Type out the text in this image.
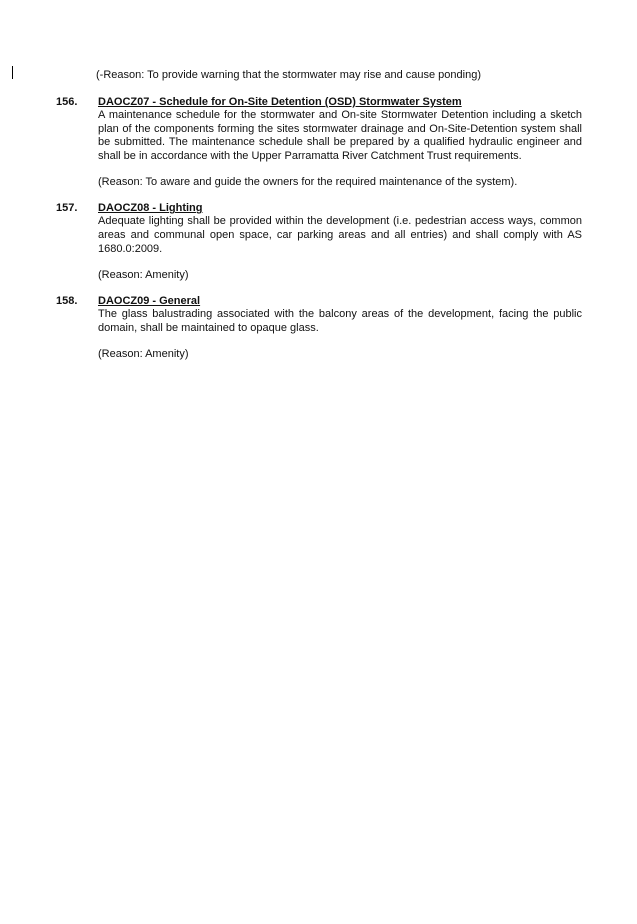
(-Reason: To provide warning that the stormwater may rise and cause ponding)
156.	DAOCZ07 - Schedule for On-Site Detention (OSD) Stormwater System

A maintenance schedule for the stormwater and On-site Stormwater Detention including a sketch plan of the components forming the sites stormwater drainage and On-Site-Detention system shall be submitted. The maintenance schedule shall be prepared by a qualified hydraulic engineer and shall be in accordance with the Upper Parramatta River Catchment Trust requirements.

(Reason: To aware and guide the owners for the required maintenance of the system).
157.	DAOCZ08 - Lighting

Adequate lighting shall be provided within the development (i.e. pedestrian access ways, common areas and communal open space, car parking areas and all entries) and shall comply with AS 1680.0:2009.

(Reason: Amenity)
158.	DAOCZ09 - General

The glass balustrading associated with the balcony areas of the development, facing the public domain, shall be maintained to opaque glass.

(Reason: Amenity)
